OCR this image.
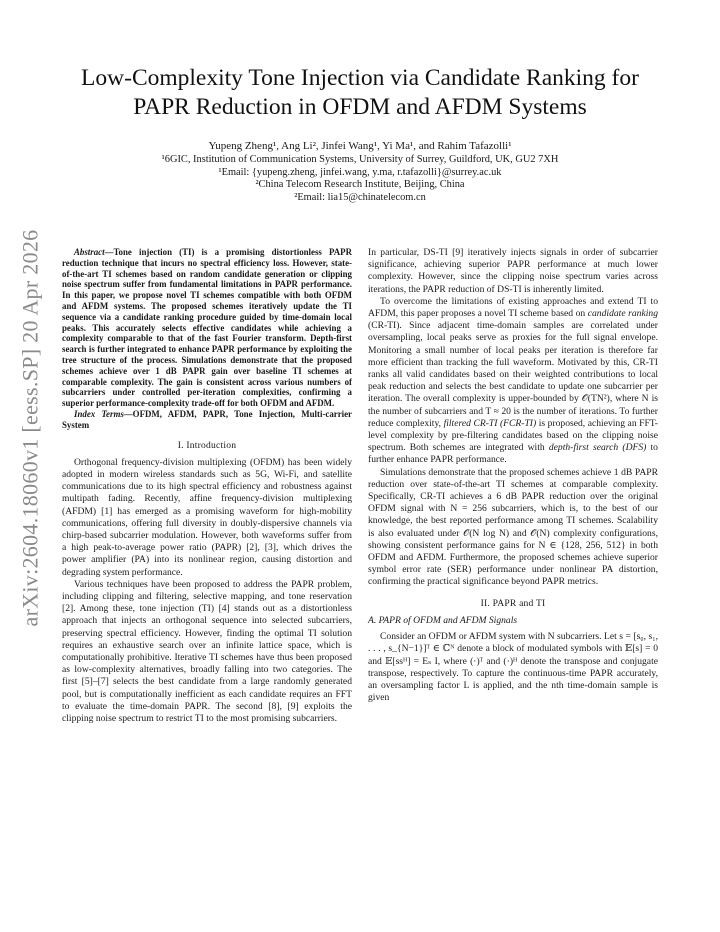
arXiv:2604.18060v1 [eess.SP] 20 Apr 2026
Low-Complexity Tone Injection via Candidate Ranking for
PAPR Reduction in OFDM and AFDM Systems
Yupeng Zheng¹, Ang Li², Jinfei Wang¹, Yi Ma¹, and Rahim Tafazolli¹
¹6GIC, Institution of Communication Systems, University of Surrey, Guildford, UK, GU2 7XH
¹Email: {yupeng.zheng, jinfei.wang, y.ma, r.tafazolli}@surrey.ac.uk
²China Telecom Research Institute, Beijing, China
²Email: lia15@chinatelecom.cn

Abstract—Tone injection (TI) is a promising distortionless PAPR reduction technique that incurs no spectral efficiency loss. However, state-of-the-art TI schemes based on random candidate generation or clipping noise spectrum suffer from fundamental limitations in PAPR performance. In this paper, we propose novel TI schemes compatible with both OFDM and AFDM systems. The proposed schemes iteratively update the TI sequence via a candidate ranking procedure guided by time-domain local peaks. This accurately selects effective candidates while achieving a complexity comparable to that of the fast Fourier transform. Depth-first search is further integrated to enhance PAPR performance by exploiting the tree structure of the process. Simulations demonstrate that the proposed schemes achieve over 1 dB PAPR gain over baseline TI schemes at comparable complexity. The gain is consistent across various numbers of subcarriers under controlled per-iteration complexities, confirming a superior performance-complexity trade-off for both OFDM and AFDM.

Index Terms—OFDM, AFDM, PAPR, Tone Injection, Multi-carrier System

I. Introduction

Orthogonal frequency-division multiplexing (OFDM) has been widely adopted in modern wireless standards such as 5G, Wi-Fi, and satellite communications due to its high spectral efficiency and robustness against multipath fading. Recently, affine frequency-division multiplexing (AFDM) [1] has emerged as a promising waveform for high-mobility communications, offering full diversity in doubly-dispersive channels via chirp-based subcarrier modulation. However, both waveforms suffer from a high peak-to-average power ratio (PAPR) [2], [3], which drives the power amplifier (PA) into its nonlinear region, causing distortion and degrading system performance.

Various techniques have been proposed to address the PAPR problem, including clipping and filtering, selective mapping, and tone reservation [2]. Among these, tone injection (TI) [4] stands out as a distortionless approach that injects an orthogonal sequence into selected subcarriers, preserving spectral efficiency. However, finding the optimal TI solution requires an exhaustive search over an infinite lattice space, which is computationally prohibitive. Iterative TI schemes have thus been proposed as low-complexity alternatives, broadly falling into two categories. The first [5]–[7] selects the best candidate from a large randomly generated pool, but is computationally inefficient as each candidate requires an FFT to evaluate the time-domain PAPR. The second [8], [9] exploits the clipping noise spectrum to restrict TI to the most promising subcarriers.

In particular, DS-TI [9] iteratively injects signals in order of subcarrier significance, achieving superior PAPR performance at much lower complexity. However, since the clipping noise spectrum varies across iterations, the PAPR reduction of DS-TI is inherently limited.

To overcome the limitations of existing approaches and extend TI to AFDM, this paper proposes a novel TI scheme based on candidate ranking (CR-TI). Since adjacent time-domain samples are correlated under oversampling, local peaks serve as proxies for the full signal envelope. Monitoring a small number of local peaks per iteration is therefore far more efficient than tracking the full waveform. Motivated by this, CR-TI ranks all valid candidates based on their weighted contributions to local peak reduction and selects the best candidate to update one subcarrier per iteration. The overall complexity is upper-bounded by 𝒪(TN²), where N is the number of subcarriers and T ≈ 20 is the number of iterations. To further reduce complexity, filtered CR-TI (FCR-TI) is proposed, achieving an FFT-level complexity by pre-filtering candidates based on the clipping noise spectrum. Both schemes are integrated with depth-first search (DFS) to further enhance PAPR performance.

Simulations demonstrate that the proposed schemes achieve 1 dB PAPR reduction over state-of-the-art TI schemes at comparable complexity. Specifically, CR-TI achieves a 6 dB PAPR reduction over the original OFDM signal with N = 256 subcarriers, which is, to the best of our knowledge, the best reported performance among TI schemes. Scalability is also evaluated under 𝒪(N log N) and 𝒪(N) complexity configurations, showing consistent performance gains for N ∈ {128, 256, 512} in both OFDM and AFDM. Furthermore, the proposed schemes achieve superior symbol error rate (SER) performance under nonlinear PA distortion, confirming the practical significance beyond PAPR metrics.

II. PAPR and TI
A. PAPR of OFDM and AFDM Signals

Consider an OFDM or AFDM system with N subcarriers. Let s = [s₀, s₁, . . . , s_{N−1}]ᵀ ∈ ℂᴺ denote a block of modulated symbols with 𝔼[s] = 0 and 𝔼[ssᴴ] = Eₛ I, where (·)ᵀ and (·)ᴴ denote the transpose and conjugate transpose, respectively. To capture the continuous-time PAPR accurately, an oversampling factor L is applied, and the nth time-domain sample is given
